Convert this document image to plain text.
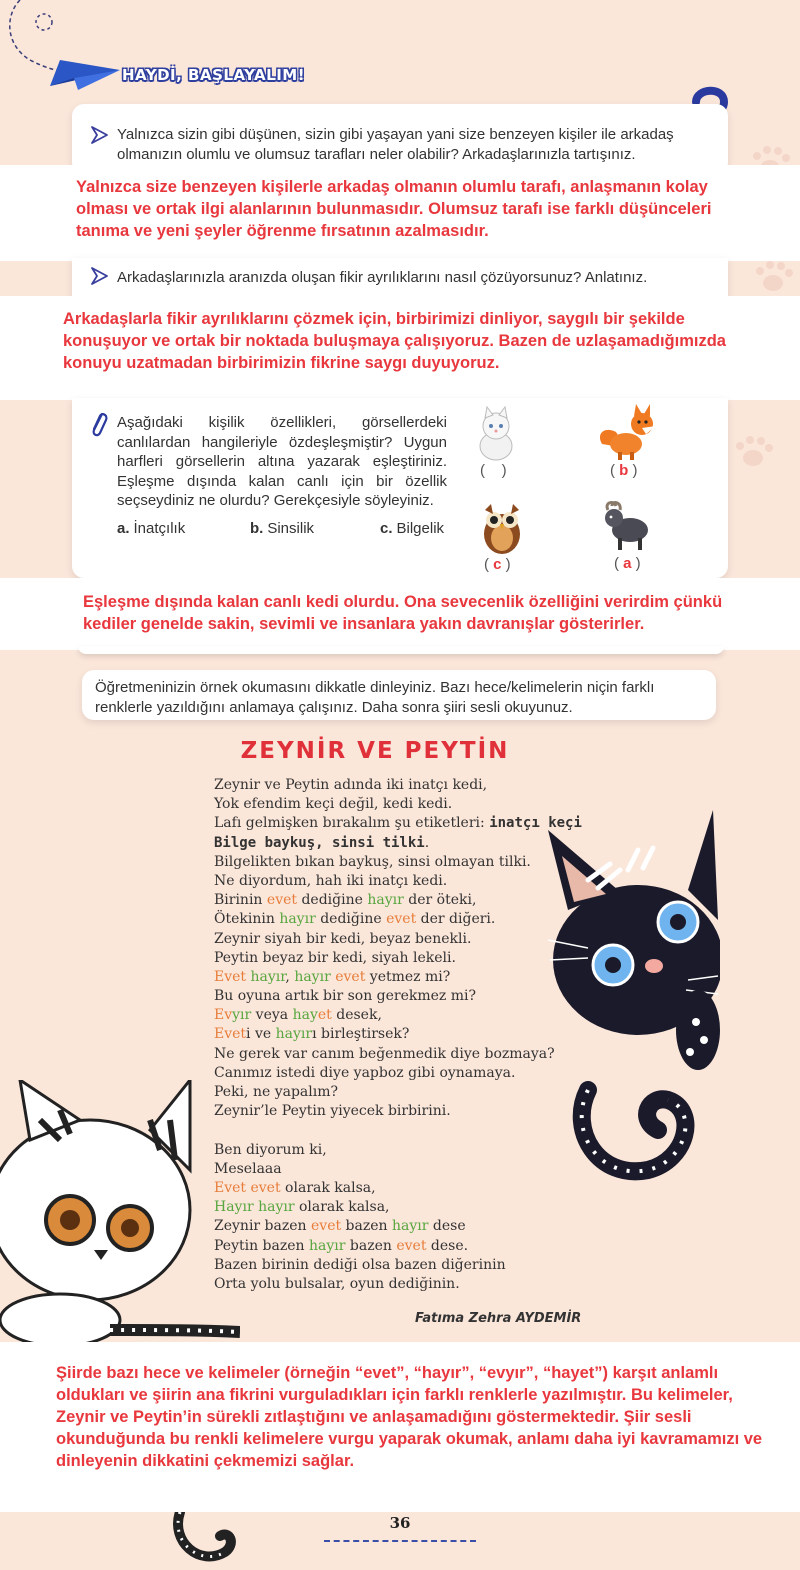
HAYDİ, BAŞLAYALIM!
Yalnızca sizin gibi düşünen, sizin gibi yaşayan yani size benzeyen kişiler ile arkadaş olmanızın olumlu ve olumsuz tarafları neler olabilir? Arkadaşlarınızla tartışınız.
Yalnızca size benzeyen kişilerle arkadaş olmanın olumlu tarafı, anlaşmanın kolay olması ve ortak ilgi alanlarının bulunmasıdır. Olumsuz tarafı ise farklı düşünceleri tanıma ve yeni şeyler öğrenme fırsatının azalmasıdır.
Arkadaşlarınızla aranızda oluşan fikir ayrılıklarını nasıl çözüyorsunuz? Anlatınız.
Arkadaşlarla fikir ayrılıklarını çözmek için, birbirimizi dinliyor, saygılı bir şekilde konuşuyor ve ortak bir noktada buluşmaya çalışıyoruz. Bazen de uzlaşamadığımızda konuyu uzatmadan birbirimizin fikrine saygı duyuyoruz.
Aşağıdaki kişilik özellikleri, görsellerdeki canlılardan hangileriyle özdeşleşmiştir? Uygun harfleri görsellerin altına yazarak eşleştiriniz. Eşleşme dışında kalan canlı için bir özellik seçseydiniz ne olurdu? Gerekçesiyle söyleyiniz.
a. İnatçılık	b. Sinsilik	c. Bilgelik
(    )	( b )
( c )	( a )
Eşleşme dışında kalan canlı kedi olurdu. Ona sevecenlik özelliğini verirdim çünkü kediler genelde sakin, sevimli ve insanlara yakın davranışlar gösterirler.
Öğretmeninizin örnek okumasını dikkatle dinleyiniz. Bazı hece/kelimelerin niçin farklı renklerle yazıldığını anlamaya çalışınız. Daha sonra şiiri sesli okuyunuz.
ZEYNİR VE PEYTİN
Zeynir ve Peytin adında iki inatçı kedi,
Yok efendim keçi değil, kedi kedi.
Lafı gelmişken bırakalım şu etiketleri: inatçı keçi
Bilge baykuş, sinsi tilki.
Bilgelikten bıkan baykuş, sinsi olmayan tilki.
Ne diyordum, hah iki inatçı kedi.
Birinin evet dediğine hayır der öteki,
Ötekinin hayır dediğine evet der diğeri.
Zeynir siyah bir kedi, beyaz benekli.
Peytin beyaz bir kedi, siyah lekeli.
Evet hayır, hayır evet yetmez mi?
Bu oyuna artık bir son gerekmez mi?
Evyır veya hayet desek,
Eveti ve hayırı birleştirsek?
Ne gerek var canım beğenmedik diye bozmaya?
Canımız istedi diye yapboz gibi oynamaya.
Peki, ne yapalım?
Zeynir’le Peytin yiyecek birbirini.
Ben diyorum ki,
Meselaaa
Evet evet olarak kalsa,
Hayır hayır olarak kalsa,
Zeynir bazen evet bazen hayır dese
Peytin bazen hayır bazen evet dese.
Bazen birinin dediği olsa bazen diğerinin
Orta yolu bulsalar, oyun dediğinin.
Fatıma Zehra AYDEMİR
Şiirde bazı hece ve kelimeler (örneğin “evet”, “hayır”, “evyır”, “hayet”) karşıt anlamlı oldukları ve şiirin ana fikrini vurguladıkları için farklı renklerle yazılmıştır. Bu kelimeler, Zeynir ve Peytin’in sürekli zıtlaştığını ve anlaşamadığını göstermektedir. Şiir sesli okunduğunda bu renkli kelimelere vurgu yaparak okumak, anlamı daha iyi kavramamızı ve dinleyenin dikkatini çekmemizi sağlar.
36
